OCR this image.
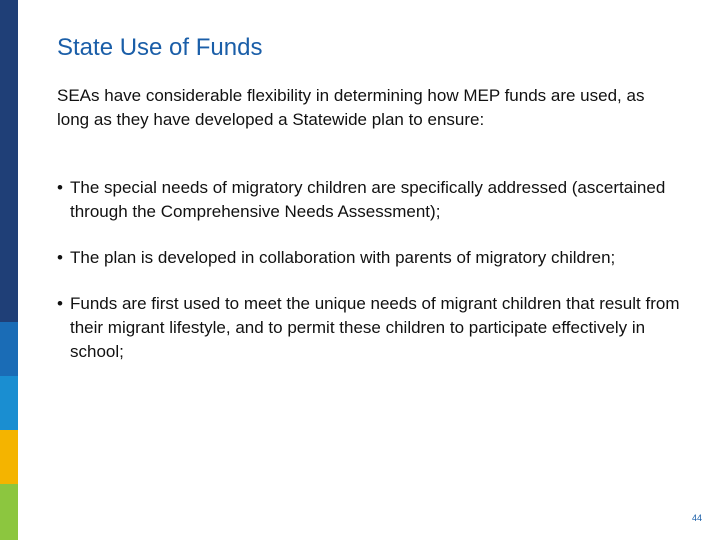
State Use of Funds
SEAs have considerable flexibility in determining how MEP funds are used, as long as they have developed a Statewide plan to ensure:
• The special needs of migratory children are specifically addressed (ascertained through the Comprehensive Needs Assessment);
• The plan is developed in collaboration with parents of migratory children;
• Funds are first used to meet the unique needs of migrant children that result from their migrant lifestyle, and to permit these children to participate effectively in school;
44
